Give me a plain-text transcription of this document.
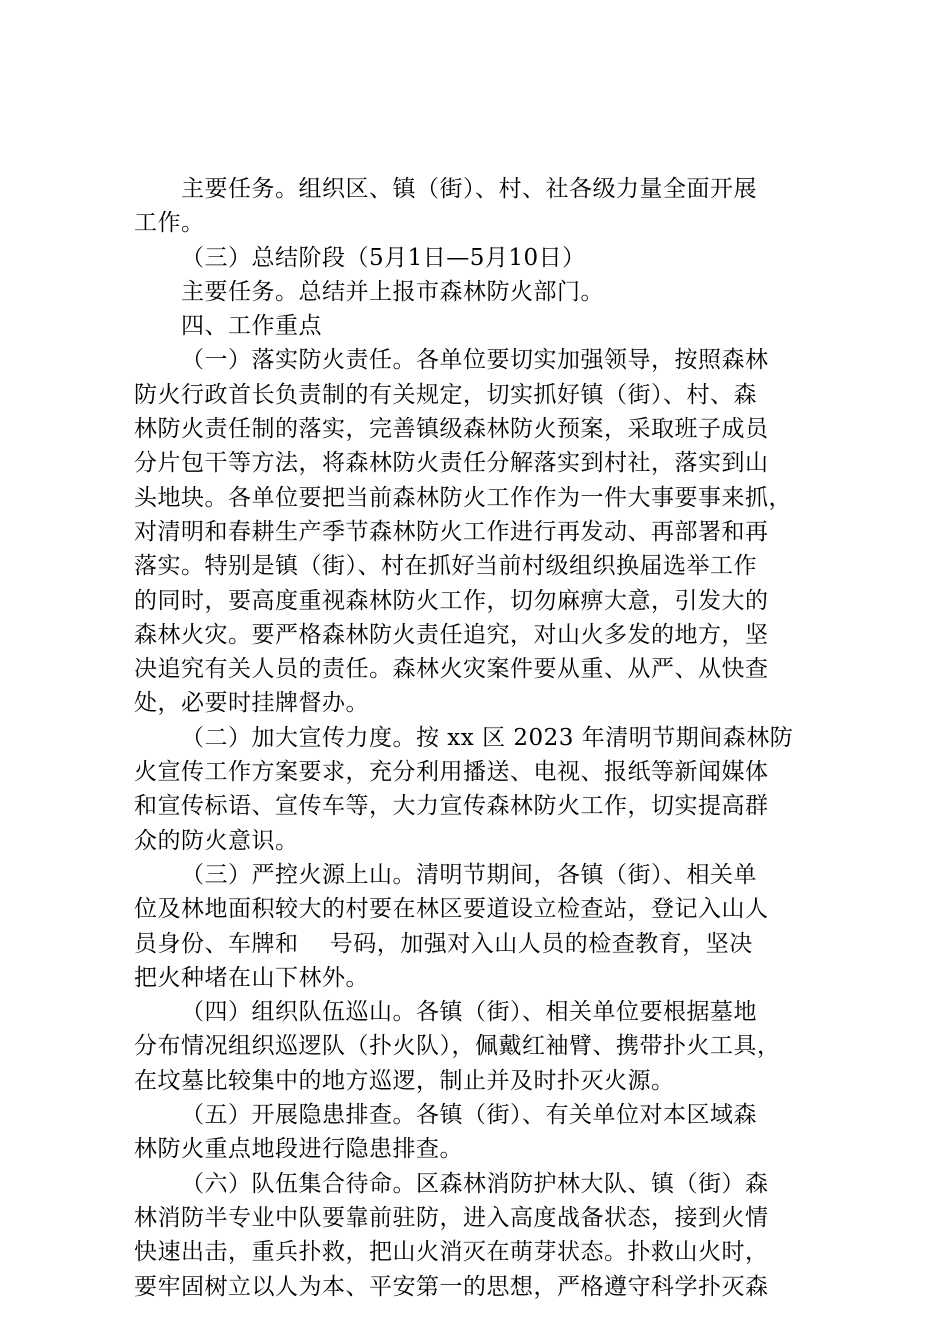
主要任务。组织区、镇（街）、村、社各级力量全面开展
工作。
（三）总结阶段（5月1日—5月10日）
主要任务。总结并上报市森林防火部门。
四、工作重点
（一）落实防火责任。各单位要切实加强领导，按照森林
防火行政首长负责制的有关规定，切实抓好镇（街）、村、森
林防火责任制的落实，完善镇级森林防火预案，采取班子成员
分片包干等方法，将森林防火责任分解落实到村社，落实到山
头地块。各单位要把当前森林防火工作作为一件大事要事来抓，
对清明和春耕生产季节森林防火工作进行再发动、再部署和再
落实。特别是镇（街）、村在抓好当前村级组织换届选举工作
的同时，要高度重视森林防火工作，切勿麻痹大意，引发大的
森林火灾。要严格森林防火责任追究，对山火多发的地方，坚
决追究有关人员的责任。森林火灾案件要从重、从严、从快查
处，必要时挂牌督办。
（二）加大宣传力度。按 xx 区 2023 年清明节期间森林防
火宣传工作方案要求，充分利用播送、电视、报纸等新闻媒体
和宣传标语、宣传车等，大力宣传森林防火工作，切实提高群
众的防火意识。
（三）严控火源上山。清明节期间，各镇（街）、相关单
位及林地面积较大的村要在林区要道设立检查站，登记入山人
员身份、车牌和    号码，加强对入山人员的检查教育，坚决
把火种堵在山下林外。
（四）组织队伍巡山。各镇（街）、相关单位要根据墓地
分布情况组织巡逻队（扑火队），佩戴红袖臂、携带扑火工具，
在坟墓比较集中的地方巡逻，制止并及时扑灭火源。
（五）开展隐患排查。各镇（街）、有关单位对本区域森
林防火重点地段进行隐患排查。
（六）队伍集合待命。区森林消防护林大队、镇（街）森
林消防半专业中队要靠前驻防，进入高度战备状态，接到火情
快速出击，重兵扑救，把山火消灭在萌芽状态。扑救山火时，
要牢固树立以人为本、平安第一的思想，严格遵守科学扑灭森
